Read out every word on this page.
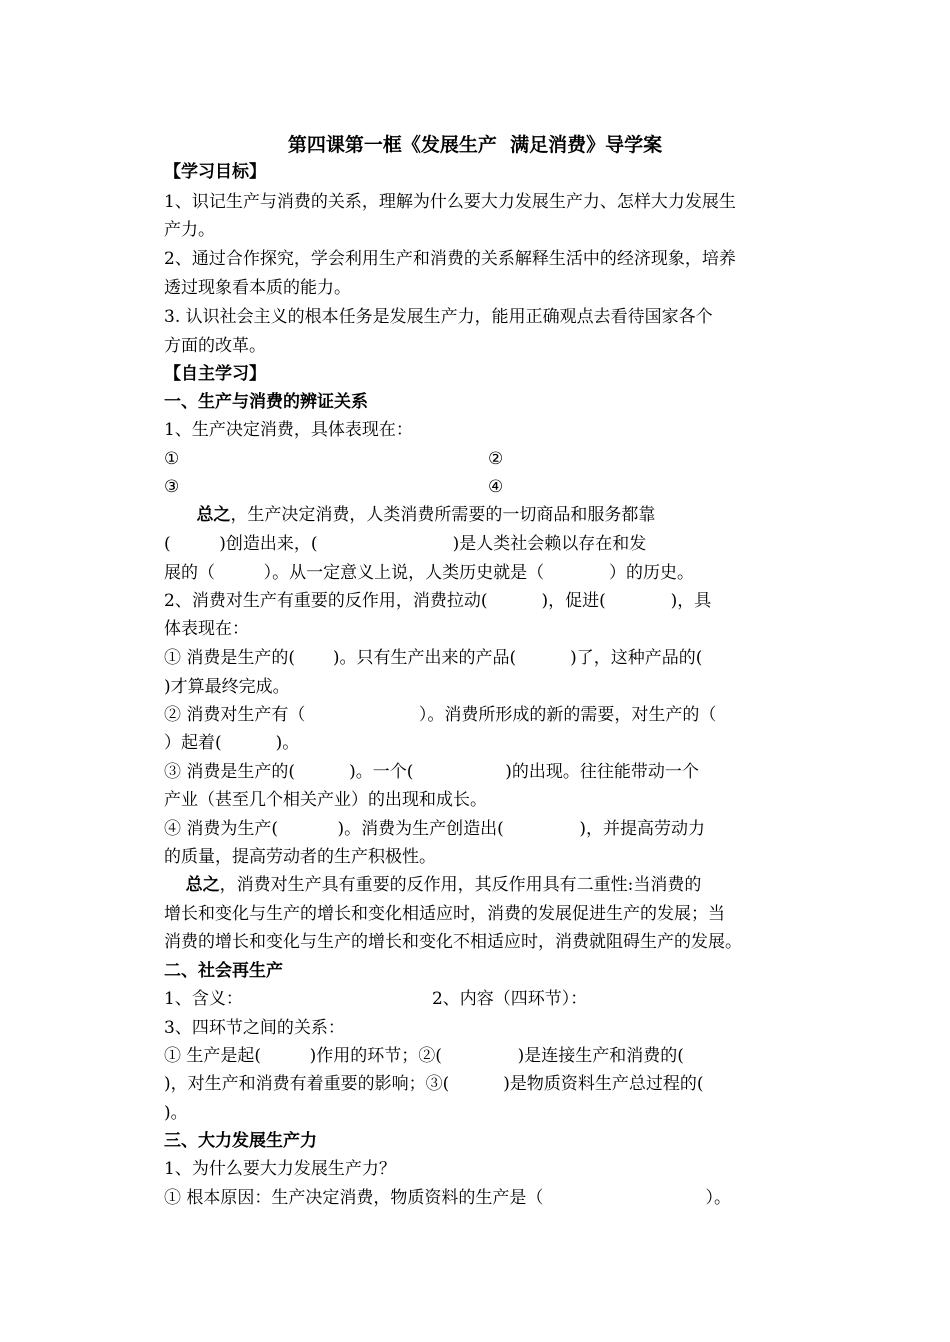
第四课第一框《发展生产  满足消费》导学案
【学习目标】
1、识记生产与消费的关系，理解为什么要大力发展生产力、怎样大力发展生
产力。
2、通过合作探究，学会利用生产和消费的关系解释生活中的经济现象，培养
透过现象看本质的能力。
3. 认识社会主义的根本任务是发展生产力，能用正确观点去看待国家各个
方面的改革。
【自主学习】
一、生产与消费的辨证关系
1、生产决定消费，具体表现在：
①	②
③	④
总之，生产决定消费，人类消费所需要的一切商品和服务都靠
(         )创造出来，(                         )是人类社会赖以存在和发
展的（         ）。从一定意义上说，人类历史就是（            ）的历史。
2、消费对生产有重要的反作用，消费拉动(          )，促进(            )，具
体表现在：
① 消费是生产的(       )。只有生产出来的产品(          )了，这种产品的(
)才算最终完成。
② 消费对生产有（                     ）。消费所形成的新的需要，对生产的（
）起着(          )。
③ 消费是生产的(          )。一个(                 )的出现。往往能带动一个
产业（甚至几个相关产业）的出现和成长。
④ 消费为生产(           )。消费为生产创造出(              )，并提高劳动力
的质量，提高劳动者的生产积极性。
总之，消费对生产具有重要的反作用，其反作用具有二重性:当消费的
增长和变化与生产的增长和变化相适应时，消费的发展促进生产的发展；当
消费的增长和变化与生产的增长和变化不相适应时，消费就阻碍生产的发展。
二、社会再生产
1、含义：                                   2、内容（四环节）：
3、四环节之间的关系：
① 生产是起(         )作用的环节；②(              )是连接生产和消费的(
)，对生产和消费有着重要的影响；③(          )是物质资料生产总过程的(
)。
三、大力发展生产力
1、为什么要大力发展生产力？
① 根本原因：生产决定消费，物质资料的生产是（                              ）。
